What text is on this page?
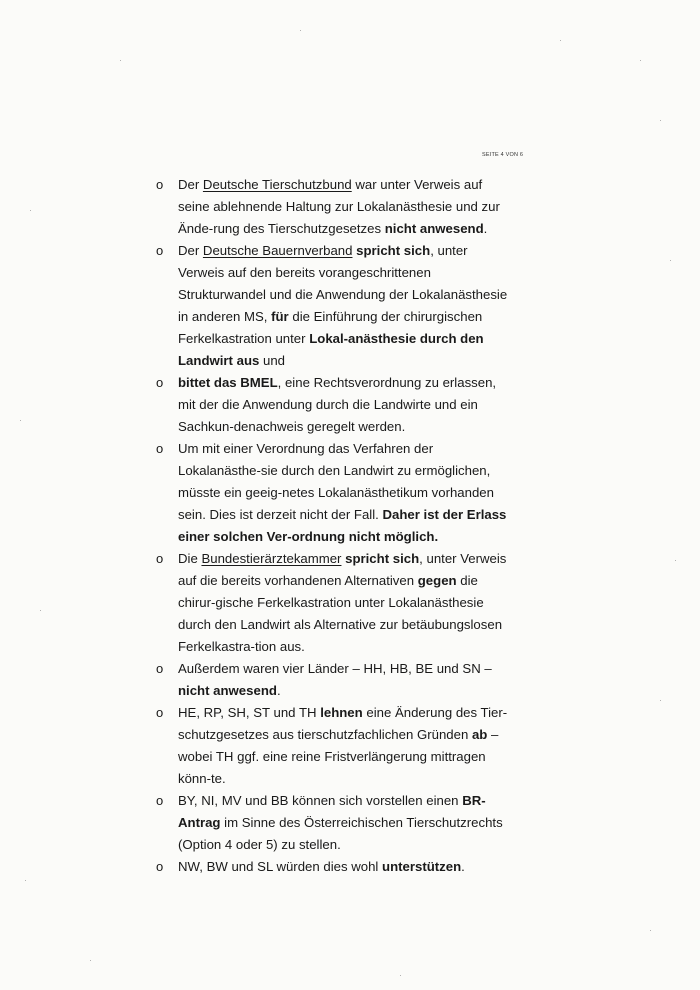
SEITE 4 VON 6
o Der Deutsche Tierschutzbund war unter Verweis auf seine ablehnende Haltung zur Lokalanästhesie und zur Ände-rung des Tierschutzgesetzes nicht anwesend.
o Der Deutsche Bauernverband spricht sich, unter Verweis auf den bereits vorangeschrittenen Strukturwandel und die Anwendung der Lokalanästhesie in anderen MS, für die Einführung der chirurgischen Ferkelkastration unter Lokal-anästhesie durch den Landwirt aus und
o bittet das BMEL, eine Rechtsverordnung zu erlassen, mit der die Anwendung durch die Landwirte und ein Sachkun-denachweis geregelt werden.
o Um mit einer Verordnung das Verfahren der Lokalanästhe-sie durch den Landwirt zu ermöglichen, müsste ein geeig-netes Lokalanästhetikum vorhanden sein. Dies ist derzeit nicht der Fall. Daher ist der Erlass einer solchen Ver-ordnung nicht möglich.
o Die Bundestierärztekammer spricht sich, unter Verweis auf die bereits vorhandenen Alternativen gegen die chirur-gische Ferkelkastration unter Lokalanästhesie durch den Landwirt als Alternative zur betäubungslosen Ferkelkastra-tion aus.
o Außerdem waren vier Länder – HH, HB, BE und SN – nicht anwesend.
o HE, RP, SH, ST und TH lehnen eine Änderung des Tier-schutzgesetzes aus tierschutzfachlichen Gründen ab – wobei TH ggf. eine reine Fristverlängerung mittragen könn-te.
o BY, NI, MV und BB können sich vorstellen einen BR-Antrag im Sinne des Österreichischen Tierschutzrechts (Option 4 oder 5) zu stellen.
o NW, BW und SL würden dies wohl unterstützen.
